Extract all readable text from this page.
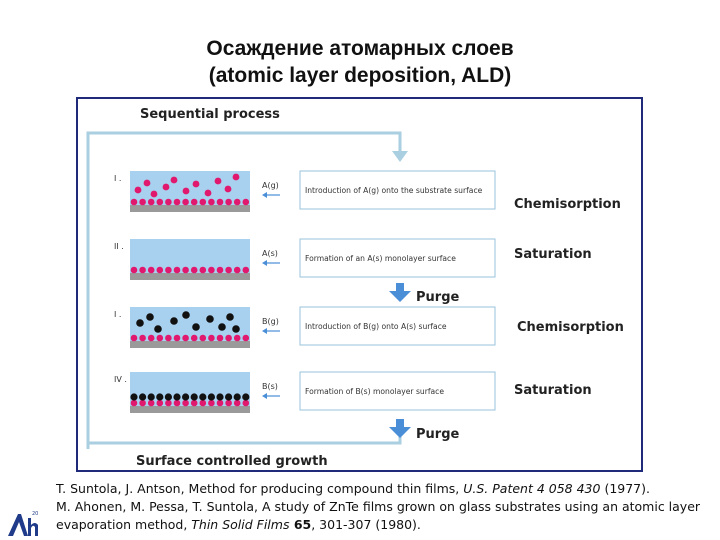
Осаждение атомарных слоев
(atomic layer deposition, ALD)
Sequential process
Surface controlled growth
I .
A(g)
Introduction of A(g) onto the substrate surface
Chemisorption
II .
A(s)
Formation of an A(s) monolayer surface	Saturation
I .
B(g)
Introduction of B(g) onto A(s) surface	Chemisorption
IV .
B(s)
Formation of B(s) monolayer surface	Saturation
Purge
Purge

T. Suntola, J. Antson, Method for producing compound thin films, U.S. Patent 4 058 430 (1977).

M. Ahonen, M. Pessa, T. Suntola, A study of ZnTe films grown on glass substrates using an atomic layer evaporation method, Thin Solid Films 65, 301-307 (1980).

20
